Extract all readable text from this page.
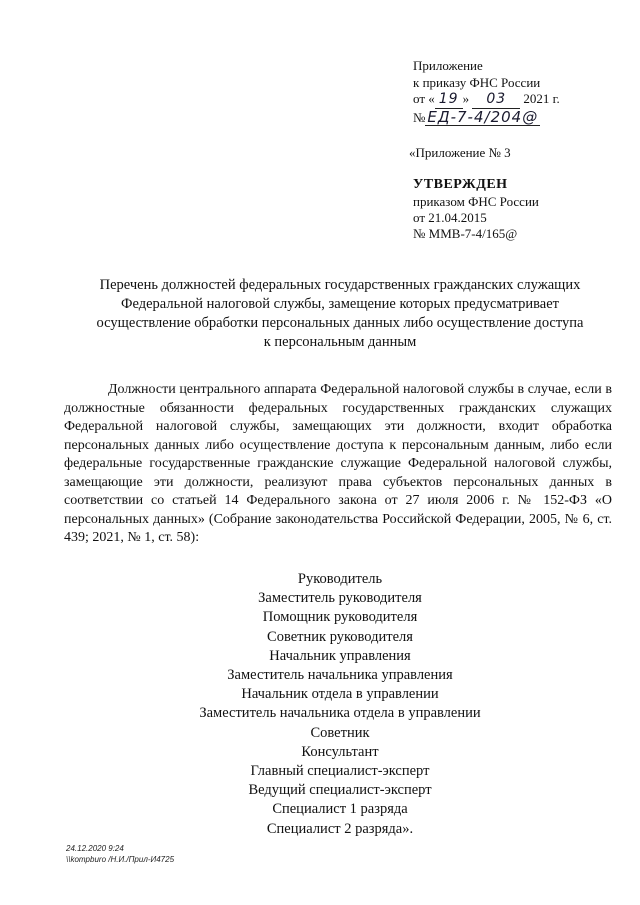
Приложение
к приказу ФНС России
от « 19 » 03 2021 г.
№ ЕД-7-4/204@
«Приложение № 3
УТВЕРЖДЕН
приказом ФНС России
от 21.04.2015
№ ММВ-7-4/165@
Перечень должностей федеральных государственных гражданских служащих
Федеральной налоговой службы, замещение которых предусматривает
осуществление обработки персональных данных либо осуществление доступа
к персональным данным
Должности центрального аппарата Федеральной налоговой службы в случае, если в должностные обязанности федеральных государственных гражданских служащих Федеральной налоговой службы, замещающих эти должности, входит обработка персональных данных либо осуществление доступа к персональным данным, либо если федеральные государственные гражданские служащие Федеральной налоговой службы, замещающие эти должности, реализуют права субъектов персональных данных в соответствии со статьей 14 Федерального закона от 27 июля 2006 г. № 152-ФЗ «О персональных данных» (Собрание законодательства Российской Федерации, 2005, № 6, ст. 439; 2021, № 1, ст. 58):
Руководитель
Заместитель руководителя
Помощник руководителя
Советник руководителя
Начальник управления
Заместитель начальника управления
Начальник отдела в управлении
Заместитель начальника отдела в управлении
Советник
Консультант
Главный специалист-эксперт
Ведущий специалист-эксперт
Специалист 1 разряда
Специалист 2 разряда».
24.12.2020 9:24
\\kompburo /Н.И./Прил-И4725
